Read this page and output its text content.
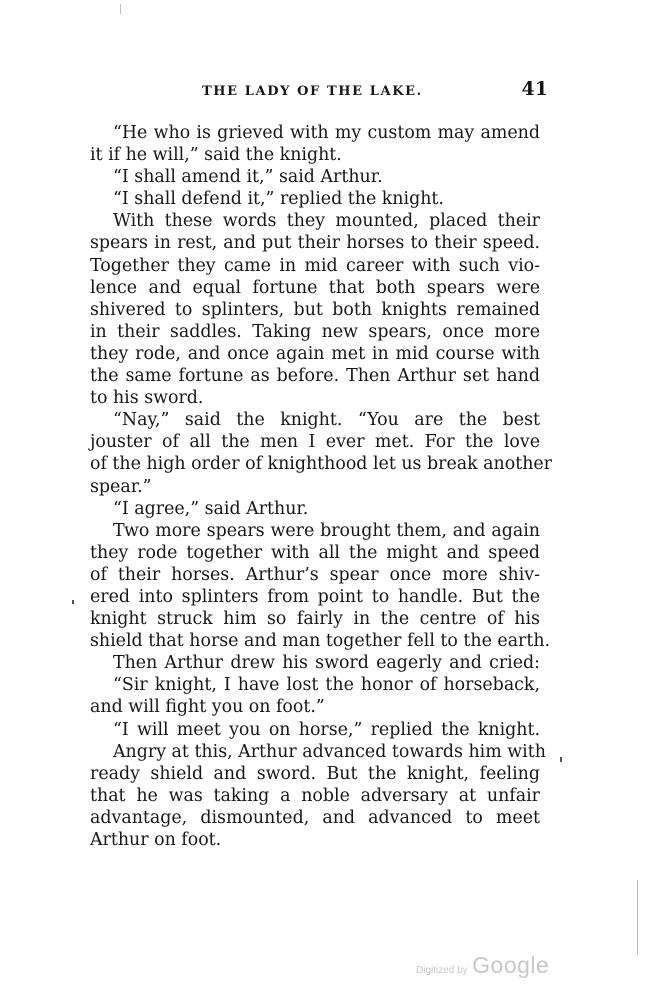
THE LADY OF THE LAKE.	41
“He who is grieved with my custom may amend
it if he will,” said the knight.
“I shall amend it,” said Arthur.
“I shall defend it,” replied the knight.
With these words they mounted, placed their
spears in rest, and put their horses to their speed.
Together they came in mid career with such vio-
lence and equal fortune that both spears were
shivered to splinters, but both knights remained
in their saddles. Taking new spears, once more
they rode, and once again met in mid course with
the same fortune as before. Then Arthur set hand
to his sword.
“Nay,” said the knight. “You are the best
jouster of all the men I ever met. For the love
of the high order of knighthood let us break another
spear.”
“I agree,” said Arthur.
Two more spears were brought them, and again
they rode together with all the might and speed
of their horses. Arthur’s spear once more shiv-
ered into splinters from point to handle. But the
knight struck him so fairly in the centre of his
shield that horse and man together fell to the earth.
Then Arthur drew his sword eagerly and cried:
“Sir knight, I have lost the honor of horseback,
and will fight you on foot.”
“I will meet you on horse,” replied the knight.
Angry at this, Arthur advanced towards him with
ready shield and sword. But the knight, feeling
that he was taking a noble adversary at unfair
advantage, dismounted, and advanced to meet
Arthur on foot.
Digitized by Google
